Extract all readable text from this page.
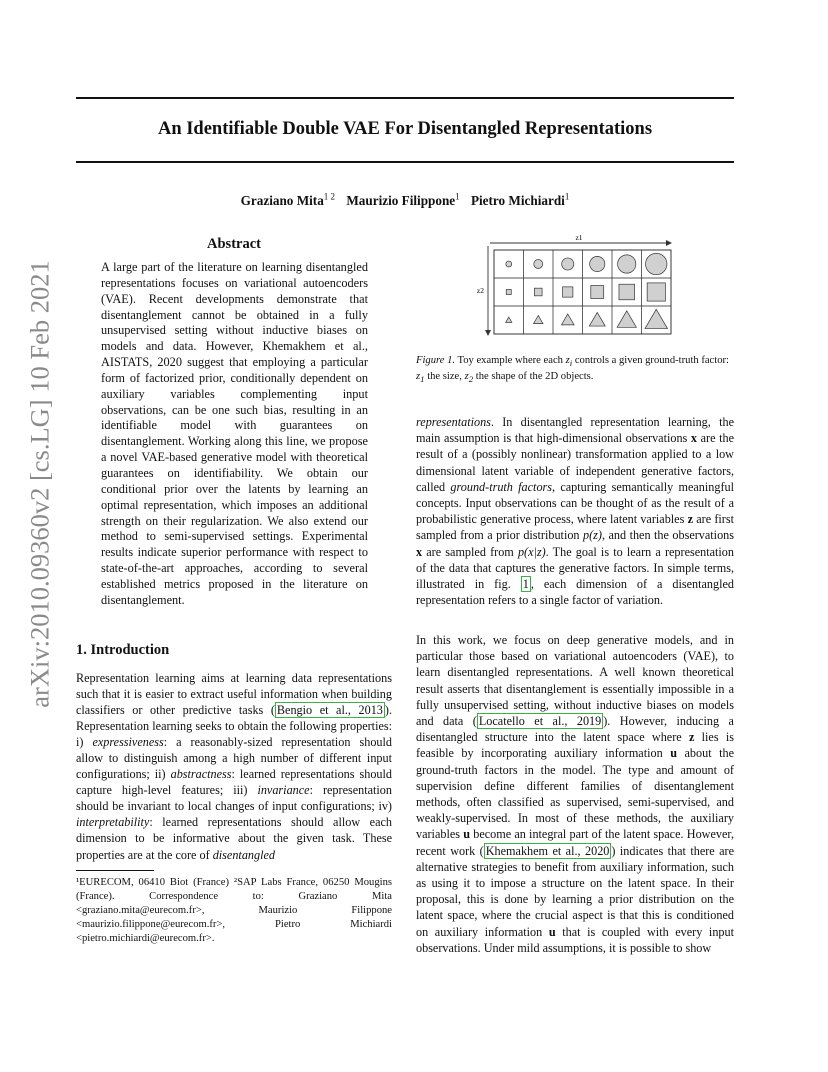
An Identifiable Double VAE For Disentangled Representations
Graziano Mita$^{1 2}$ Maurizio Filippone$^1$ Pietro Michiardi$^1$
arXiv:2010.09360v2 [cs.LG] 10 Feb 2021
Abstract

A large part of the literature on learning disentangled representations focuses on variational autoencoders (VAE). Recent developments demonstrate that disentanglement cannot be obtained in a fully unsupervised setting without inductive biases on models and data. However, Khemakhem et al., AISTATS, 2020 suggest that employing a particular form of factorized prior, conditionally dependent on auxiliary variables complementing input observations, can be one such bias, resulting in an identifiable model with guarantees on disentanglement. Working along this line, we propose a novel VAE-based generative model with theoretical guarantees on identifiability. We obtain our conditional prior over the latents by learning an optimal representation, which imposes an additional strength on their regularization. We also extend our method to semi-supervised settings. Experimental results indicate superior performance with respect to state-of-the-art approaches, according to several established metrics proposed in the literature on disentanglement.

1. Introduction

Representation learning aims at learning data representations such that it is easier to extract useful information when building classifiers or other predictive tasks ( Bengio et al., 2013 ). Representation learning seeks to obtain the following properties: i) expressiveness: a reasonably-sized representation should allow to distinguish among a high number of different input configurations; ii) abstractness: learned representations should capture high-level features; iii) invariance: representation should be invariant to local changes of input configurations; iv) interpretability: learned representations should allow each dimension to be informative about the given task. These properties are at the core of disentangled

¹EURECOM, 06410 Biot (France) ²SAP Labs France, 06250 Mougins (France). Correspondence to: Graziano Mita <graziano.mita@eurecom.fr>, Maurizio Filippone <maurizio.filippone@eurecom.fr>, Pietro Michiardi <pietro.michiardi@eurecom.fr>.

z1
z2
Figure 1. Toy example where each $z_i$ controls a given ground-truth factor: $z_1$ the size, $z_2$ the shape of the 2D objects.

representations. In disentangled representation learning, the main assumption is that high-dimensional observations x are the result of a (possibly nonlinear) transformation applied to a low dimensional latent variable of independent generative factors, called ground-truth factors, capturing semantically meaningful concepts. Input observations can be thought of as the result of a probabilistic generative process, where latent variables z are first sampled from a prior distribution p(z), and then the observations x are sampled from p(x|z). The goal is to learn a representation of the data that captures the generative factors. In simple terms, illustrated in fig. 1 , each dimension of a disentangled representation refers to a single factor of variation.

In this work, we focus on deep generative models, and in particular those based on variational autoencoders (VAE), to learn disentangled representations. A well known theoretical result asserts that disentanglement is essentially impossible in a fully unsupervised setting, without inductive biases on models and data ( Locatello et al., 2019 ). However, inducing a disentangled structure into the latent space where z lies is feasible by incorporating auxiliary information u about the ground-truth factors in the model. The type and amount of supervision define different families of disentanglement methods, often classified as supervised, semi-supervised, and weakly-supervised. In most of these methods, the auxiliary variables u become an integral part of the latent space. However, recent work ( Khemakhem et al., 2020 ) indicates that there are alternative strategies to benefit from auxiliary information, such as using it to impose a structure on the latent space. In their proposal, this is done by learning a prior distribution on the latent space, where the crucial aspect is that this is conditioned on auxiliary information u that is coupled with every input observations. Under mild assumptions, it is possible to show
